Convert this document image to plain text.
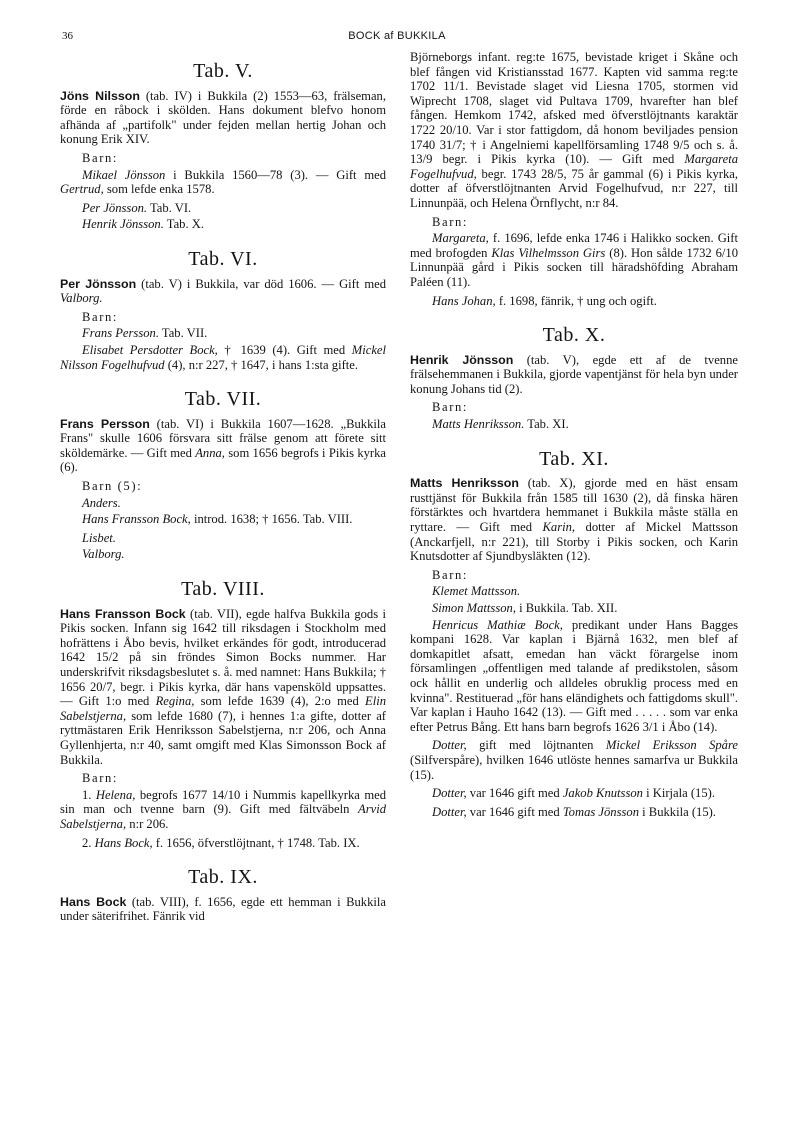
36	BOCK af BUKKILA
Tab. V.

Jöns Nilsson (tab. IV) i Bukkila (2) 1553—63, frälseman, förde en råbock i skölden. Hans dokument blefvo honom afhända af „partifolk" under fejden mellan hertig Johan och konung Erik XIV.

Barn:

Mikael Jönsson i Bukkila 1560—78 (3). — Gift med Gertrud, som lefde enka 1578.

Per Jönsson. Tab. VI.

Henrik Jönsson. Tab. X.

Tab. VI.

Per Jönsson (tab. V) i Bukkila, var död 1606. — Gift med Valborg.

Barn:

Frans Persson. Tab. VII.

Elisabet Persdotter Bock, † 1639 (4). Gift med Mickel Nilsson Fogelhufvud (4), n:r 227, † 1647, i hans 1:sta gifte.

Tab. VII.

Frans Persson (tab. VI) i Bukkila 1607—1628. „Bukkila Frans" skulle 1606 försvara sitt frälse genom att förete sitt sköldemärke. — Gift med Anna, som 1656 begrofs i Pikis kyrka (6).

Barn (5):

Anders.

Hans Fransson Bock, introd. 1638; † 1656. Tab. VIII.

Lisbet.

Valborg.

Tab. VIII.

Hans Fransson Bock (tab. VII), egde halfva Bukkila gods i Pikis socken. Infann sig 1642 till riksdagen i Stockholm med hofrättens i Åbo bevis, hvilket erkändes för godt, introducerad 1642 15/2 på sin fröndes Simon Bocks nummer. Har underskrifvit riksdagsbeslutet s. å. med namnet: Hans Bukkila; † 1656 20/7, begr. i Pikis kyrka, där hans vapensköld uppsattes. — Gift 1:o med Regina, som lefde 1639 (4), 2:o med Elin Sabelstjerna, som lefde 1680 (7), i hennes 1:a gifte, dotter af ryttmästaren Erik Henriksson Sabelstjerna, n:r 206, och Anna Gyllenhjerta, n:r 40, samt omgift med Klas Simonsson Bock af Bukkila.

Barn:

1. Helena, begrofs 1677 14/10 i Nummis kapellkyrka med sin man och tvenne barn (9). Gift med fältväbeln Arvid Sabelstjerna, n:r 206.

2. Hans Bock, f. 1656, öfverstlöjtnant, † 1748. Tab. IX.

Tab. IX.

Hans Bock (tab. VIII), f. 1656, egde ett hemman i Bukkila under säterifrihet. Fänrik vid

Björneborgs infant. reg:te 1675, bevistade kriget i Skåne och blef fången vid Kristiansstad 1677. Kapten vid samma reg:te 1702 11/1. Bevistade slaget vid Liesna 1705, stormen vid Wiprecht 1708, slaget vid Pultava 1709, hvarefter han blef fången. Hemkom 1742, afsked med öfverstlöjtnants karaktär 1722 20/10. Var i stor fattigdom, då honom beviljades pension 1740 31/7; † i Angelniemi kapellförsamling 1748 9/5 och s. å. 13/9 begr. i Pikis kyrka (10). — Gift med Margareta Fogelhufvud, begr. 1743 28/5, 75 år gammal (6) i Pikis kyrka, dotter af öfverstlöjtnanten Arvid Fogelhufvud, n:r 227, till Linnunpää, och Helena Örnflycht, n:r 84.

Barn:

Margareta, f. 1696, lefde enka 1746 i Halikko socken. Gift med brofogden Klas Vilhelmsson Girs (8). Hon sålde 1732 6/10 Linnunpää gård i Pikis socken till häradshöfding Abraham Paléen (11).

Hans Johan, f. 1698, fänrik, † ung och ogift.

Tab. X.

Henrik Jönsson (tab. V), egde ett af de tvenne frälsehemmanen i Bukkila, gjorde vapentjänst för hela byn under konung Johans tid (2).

Barn:

Matts Henriksson. Tab. XI.

Tab. XI.

Matts Henriksson (tab. X), gjorde med en häst ensam rusttjänst för Bukkila från 1585 till 1630 (2), då finska hären förstärktes och hvartdera hemmanet i Bukkila måste ställa en ryttare. — Gift med Karin, dotter af Mickel Mattsson (Anckarfjell, n:r 221), till Storby i Pikis socken, och Karin Knutsdotter af Sjundbysläkten (12).

Barn:

Klemet Mattsson.

Simon Mattsson, i Bukkila. Tab. XII.

Henricus Mathiæ Bock, predikant under Hans Bagges kompani 1628. Var kaplan i Bjärnå 1632, men blef af domkapitlet afsatt, emedan han väckt förargelse inom församlingen „offentligen med talande af predikstolen, såsom ock hållit en underlig och alldeles obruklig process med en kvinna". Restituerad „för hans eländighets och fattigdoms skull". Var kaplan i Hauho 1642 (13). — Gift med . . . . . som var enka efter Petrus Bång. Ett hans barn begrofs 1626 3/1 i Åbo (14).

Dotter, gift med löjtnanten Mickel Eriksson Spåre (Silfverspåre), hvilken 1646 utlöste hennes samarfva ur Bukkila (15).

Dotter, var 1646 gift med Jakob Knutsson i Kirjala (15).

Dotter, var 1646 gift med Tomas Jönsson i Bukkila (15).
